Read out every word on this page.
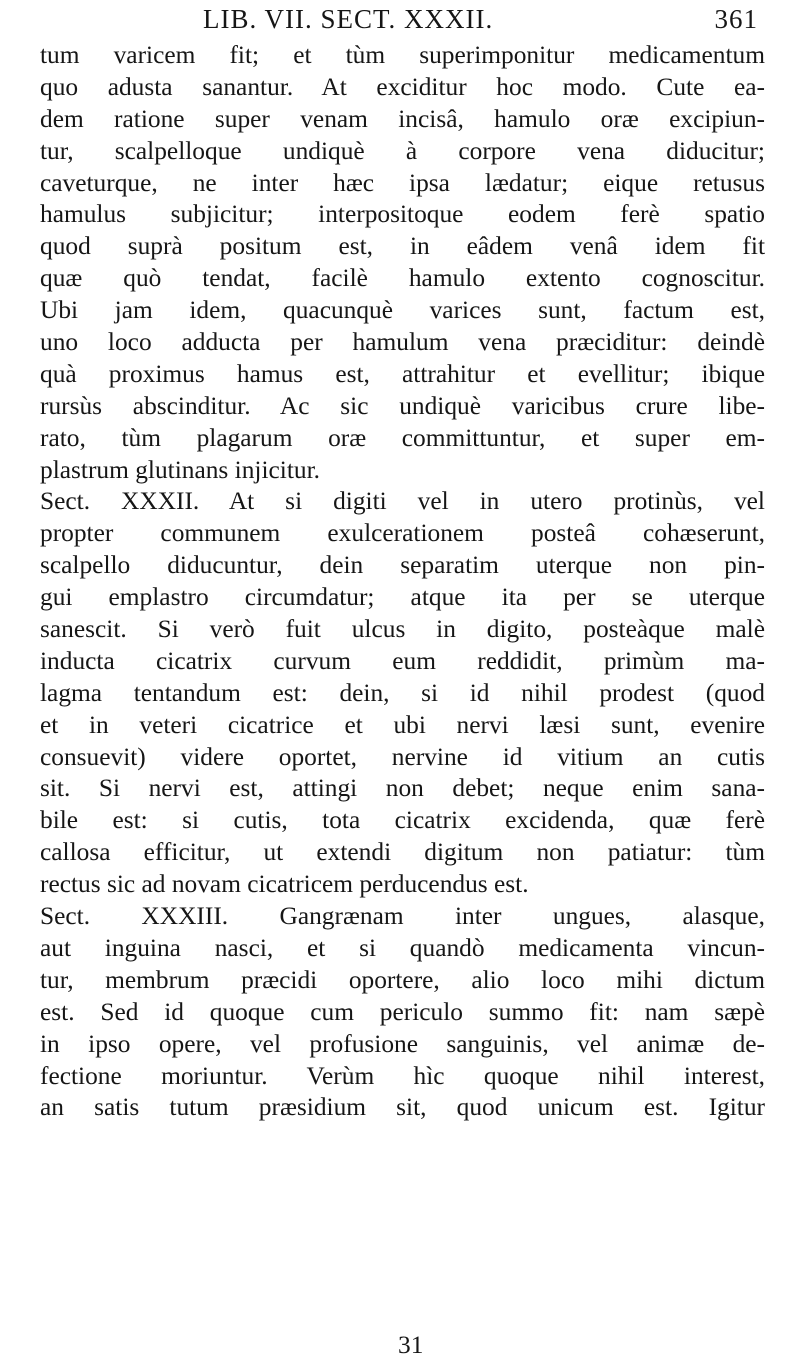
LIB. VII. SECT. XXXII.	361
tum varicem fit; et tùm superimponitur medicamentum
quo adusta sanantur. At exciditur hoc modo. Cute ea-
dem ratione super venam incisâ, hamulo oræ excipiun-
tur, scalpelloque undiquè à corpore vena diducitur;
caveturque, ne inter hæc ipsa lædatur; eique retusus
hamulus subjicitur; interpositoque eodem ferè spatio
quod suprà positum est, in eâdem venâ idem fit
quæ quò tendat, facilè hamulo extento cognoscitur.
Ubi jam idem, quacunquè varices sunt, factum est,
uno loco adducta per hamulum vena præciditur: deindè
quà proximus hamus est, attrahitur et evellitur; ibique
rursùs abscinditur. Ac sic undiquè varicibus crure libe-
rato, tùm plagarum oræ committuntur, et super em-
plastrum glutinans injicitur.
Sect. XXXII. At si digiti vel in utero protinùs, vel
propter communem exulcerationem posteâ cohæserunt,
scalpello diducuntur, dein separatim uterque non pin-
gui emplastro circumdatur; atque ita per se uterque
sanescit. Si verò fuit ulcus in digito, posteàque malè
inducta cicatrix curvum eum reddidit, primùm ma-
lagma tentandum est: dein, si id nihil prodest (quod
et in veteri cicatrice et ubi nervi læsi sunt, evenire
consuevit) videre oportet, nervine id vitium an cutis
sit. Si nervi est, attingi non debet; neque enim sana-
bile est: si cutis, tota cicatrix excidenda, quæ ferè
callosa efficitur, ut extendi digitum non patiatur: tùm
rectus sic ad novam cicatricem perducendus est.
Sect. XXXIII. Gangrænam inter ungues, alasque,
aut inguina nasci, et si quandò medicamenta vincun-
tur, membrum præcidi oportere, alio loco mihi dictum
est. Sed id quoque cum periculo summo fit: nam sæpè
in ipso opere, vel profusione sanguinis, vel animæ de-
fectione moriuntur. Verùm hìc quoque nihil interest,
an satis tutum præsidium sit, quod unicum est. Igitur
31
